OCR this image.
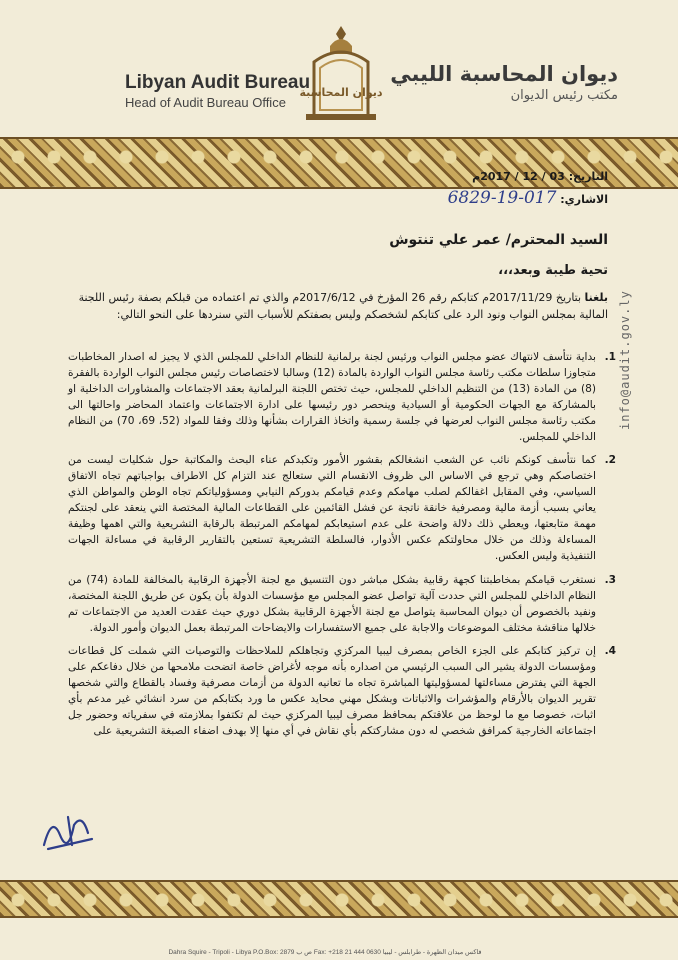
Libyan Audit Bureau
Head of Audit Bureau Office
ديوان المحاسبة
ديوان المحاسبة الليبي
مكتب رئيس الديوان
info@audit.gov.ly
التاريخ: 03 / 12 / 2017م
الاشاري: 6829-19-017
السيد المحترم/ عمر علي تنتوش
تحية طيبة وبعد،،،
بلغنا بتاريخ 2017/11/29م كتابكم رقم 26 المؤرخ في 2017/6/12م والذي تم اعتماده من قبلكم بصفة رئيس اللجنة المالية بمجلس النواب ونود الرد على كتابكم لشخصكم وليس بصفتكم للأسباب التي سنردها على النحو التالي:
1.
بداية نتأسف لانتهاك عضو مجلس النواب ورئيس لجنة برلمانية للنظام الداخلي للمجلس الذي لا يجيز له اصدار المخاطبات متجاوزا سلطات مكتب رئاسة مجلس النواب الواردة بالمادة (12) وسالبا لاختصاصات رئيس مجلس النواب الواردة بالفقرة (8) من المادة (13) من التنظيم الداخلي للمجلس، حيث تختص اللجنة البرلمانية بعقد الاجتماعات والمشاورات الداخلية او بالمشاركة مع الجهات الحكومية أو السيادية وينحصر دور رئيسها على ادارة الاجتماعات واعتماد المحاضر واحالتها الى مكتب رئاسة مجلس النواب لعرضها في جلسة رسمية واتخاذ القرارات بشأنها وذلك وفقا للمواد (52، 69، 70) من النظام الداخلي للمجلس.
2.
كما نتأسف كونكم نائب عن الشعب انشغالكم بقشور الأمور وتكبدكم عناء البحث والمكاتبة حول شكليات ليست من اختصاصكم وهي ترجع في الاساس الى ظروف الانقسام التي ستعالج عند التزام كل الاطراف بواجباتهم تجاه الاتفاق السياسي، وفي المقابل اغفالكم لصلب مهامكم وعدم قيامكم بدوركم النيابي ومسؤولياتكم تجاه الوطن والمواطن الذي يعاني بسبب أزمة مالية ومصرفية خانقة ناتجة عن فشل القائمين على القطاعات المالية المختصة التي ينعقد على لجنتكم مهمة متابعتها، ويعطي ذلك دلالة واضحة على عدم استيعابكم لمهامكم المرتبطة بالرقابة التشريعية والتي اهمها وظيفة المساءلة وذلك من خلال محاولتكم عكس الأدوار، فالسلطة التشريعية تستعين بالتقارير الرقابية في مساءلة الجهات التنفيذية وليس العكس.
3.
نستغرب قيامكم بمخاطبتنا كجهة رقابية بشكل مباشر دون التنسيق مع لجنة الأجهزة الرقابية بالمخالفة للمادة (74) من النظام الداخلي للمجلس التي حددت آلية تواصل عضو المجلس مع مؤسسات الدولة بأن يكون عن طريق اللجنة المختصة، ونفيد بالخصوص أن ديوان المحاسبة يتواصل مع لجنة الأجهزة الرقابية بشكل دوري حيث عقدت العديد من الاجتماعات تم خلالها مناقشة مختلف الموضوعات والاجابة على جميع الاستفسارات والايضاحات المرتبطة بعمل الديوان وأمور الدولة.
4.
إن تركيز كتابكم على الجزء الخاص بمصرف ليبيا المركزي وتجاهلكم للملاحظات والتوصيات التي شملت كل قطاعات ومؤسسات الدولة يشير الى السبب الرئيسي من اصداره بأنه موجه لأغراض خاصة اتضحت ملامحها من خلال دفاعكم على الجهة التي يفترض مساءلتها لمسؤوليتها المباشرة تجاه ما تعانيه الدولة من أزمات مصرفية وفساد بالقطاع والتي شخصها تقرير الديوان بالأرقام والمؤشرات والاثباتات وبشكل مهني محايد عكس ما ورد بكتابكم من سرد انشائي غير مدعم بأي اثبات، خصوصا مع ما لوحظ من علاقتكم بمحافظ مصرف ليبيا المركزي حيث لم تكتفوا بملازمته في سفرياته وحضور جل اجتماعاته الخارجية كمرافق شخصي له دون مشاركتكم بأي نقاش في أي منها إلا بهدف اضفاء الصبغة التشريعية على
Dahra Squire - Tripoli - Libya P.O.Box: 2879 ص ب Fax: +218 21 444 0630 فاكس ميدان الظهرة - طرابلس - ليبيا
